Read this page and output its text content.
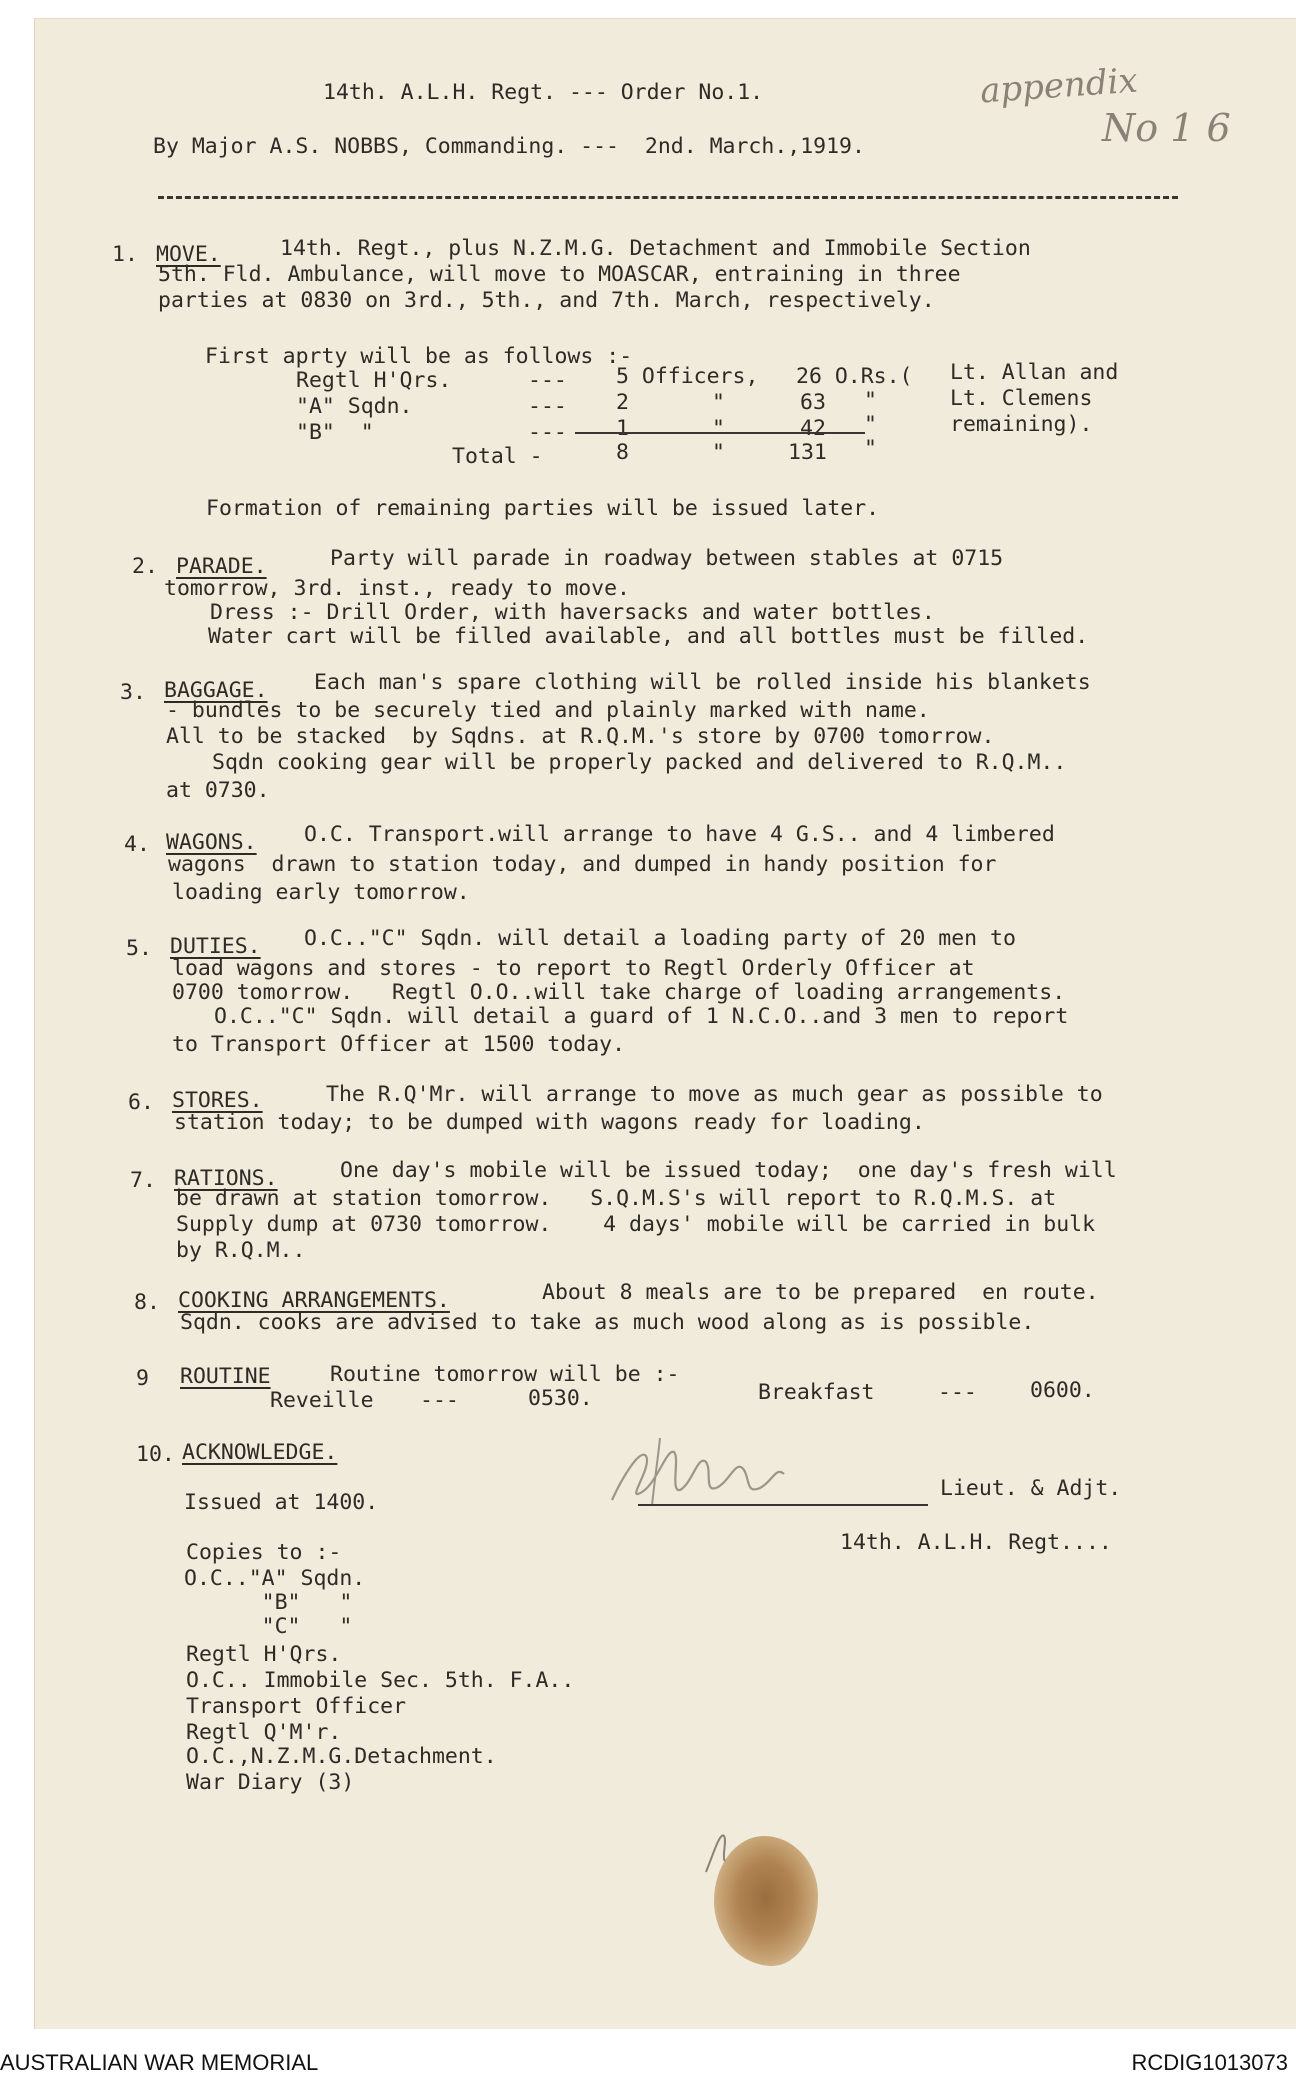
14th. A.L.H. Regt. --- Order No.1.
By Major A.S. NOBBS, Commanding. ---  2nd. March.,1919.
appendix
No 1 6
1. MOVE.	14th. Regt., plus N.Z.M.G. Detachment and Immobile Section
5th. Fld. Ambulance, will move to MOASCAR, entraining in three
parties at 0830 on 3rd., 5th., and 7th. March, respectively.
First aprty will be as follows :-
Regtl H'Qrs.	--- 5 Officers, 26 O.Rs.( Lt. Allan and
"A" Sqdn.	--- 2	"	63 "	Lt. Clemens
"B"  "	--- 1	"	42 "	remaining).
Total -	8	"	131 "
Formation of remaining parties will be issued later.
2. PARADE.	Party will parade in roadway between stables at 0715
tomorrow, 3rd. inst., ready to move.
Dress :- Drill Order, with haversacks and water bottles.
Water cart will be filled available, and all bottles must be filled.
3. BAGGAGE. Each man's spare clothing will be rolled inside his blankets
- bundles to be securely tied and plainly marked with name.
All to be stacked  by Sqdns. at R.Q.M.'s store by 0700 tomorrow.
Sqdn cooking gear will be properly packed and delivered to R.Q.M..
at 0730.
4. WAGONS. O.C. Transport.will arrange to have 4 G.S.. and 4 limbered
wagons  drawn to station today, and dumped in handy position for
loading early tomorrow.
5. DUTIES. O.C.."C" Sqdn. will detail a loading party of 20 men to
load wagons and stores - to report to Regtl Orderly Officer at
0700 tomorrow.   Regtl O.O..will take charge of loading arrangements.
O.C.."C" Sqdn. will detail a guard of 1 N.C.O..and 3 men to report
to Transport Officer at 1500 today.
6. STORES.	The R.Q'Mr. will arrange to move as much gear as possible to
station today; to be dumped with wagons ready for loading.
7. RATIONS.	One day's mobile will be issued today;  one day's fresh will
be drawn at station tomorrow.   S.Q.M.S's will report to R.Q.M.S. at
Supply dump at 0730 tomorrow.    4 days' mobile will be carried in bulk
by R.Q.M..
8. COOKING ARRANGEMENTS.	About 8 meals are to be prepared  en route.
Sqdn. cooks are advised to take as much wood along as is possible.
9 ROUTINE	Routine tomorrow will be :-
Reveille ---	0530.	Breakfast	--- 0600.
10. ACKNOWLEDGE.
Issued at 1400.
Lieut. & Adjt.
14th. A.L.H. Regt....
Copies to :-
O.C.."A" Sqdn.
"B"   "
"C"   "
Regtl H'Qrs.
O.C.. Immobile Sec. 5th. F.A..
Transport Officer
Regtl Q'M'r.
O.C.,N.Z.M.G.Detachment.
War Diary (3)
AUSTRALIAN WAR MEMORIAL	RCDIG1013073
